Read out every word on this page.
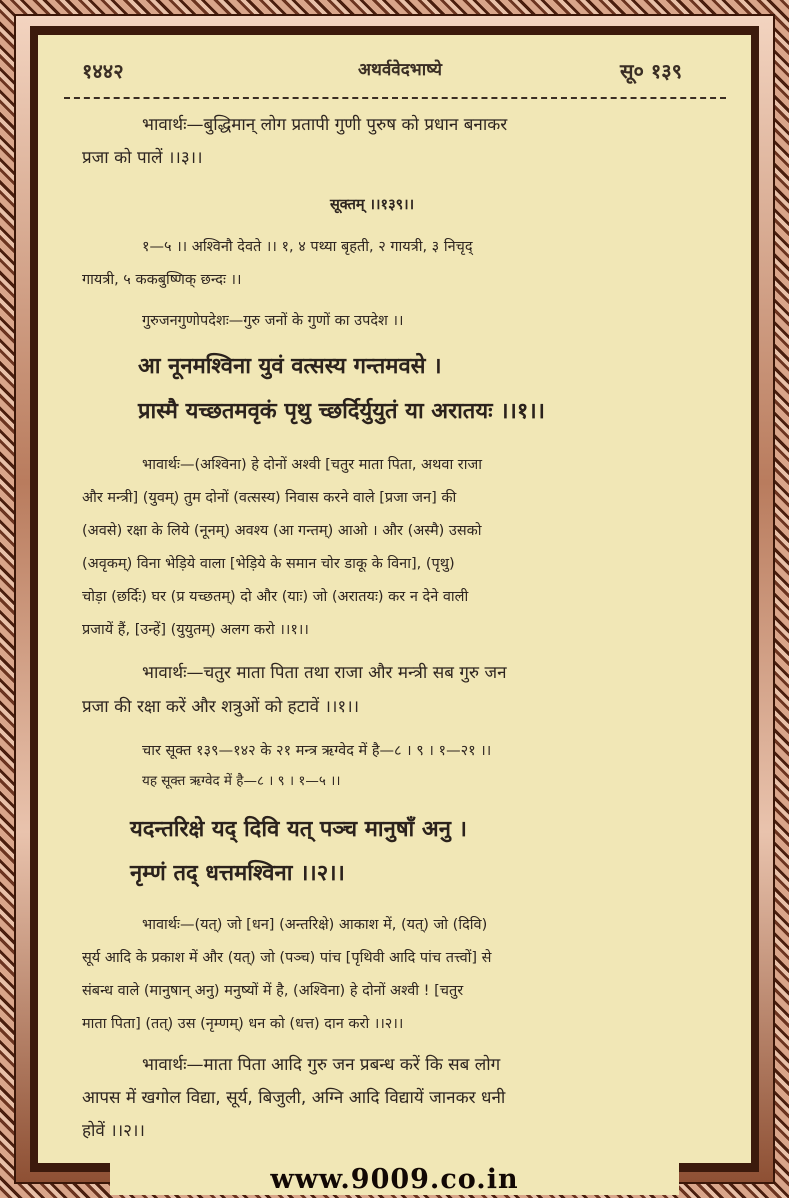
१४४२	अथर्ववेदभाष्ये	सू० १३९
भावार्थः—बुद्धिमान् लोग प्रतापी गुणी पुरुष को प्रधान बनाकर
प्रजा को पालें ।।३।।
सूक्तम् ।।१३९।।
१—५ ।। अश्विनौ देवते ।। १, ४ पथ्या बृहती, २ गायत्री, ३ निचृद्
गायत्री, ५ ककबुष्णिक् छन्दः ।।
गुरुजनगुणोपदेशः—गुरु जनों के गुणों का उपदेश ।।
आ नूनमश्विना युवं वत्सस्य गन्तमवसे ।
प्रास्मै यच्छतमवृकं पृथु च्छर्दिर्युयुतं या अरातयः ।।१।।
भावार्थः—(अश्विना) हे दोनों अश्वी [चतुर माता पिता, अथवा राजा
और मन्त्री] (युवम्) तुम दोनों (वत्सस्य) निवास करने वाले [प्रजा जन] की
(अवसे) रक्षा के लिये (नूनम्) अवश्य (आ गन्तम्) आओ । और (अस्मै) उसको
(अवृकम्) विना भेड़िये वाला [भेड़िये के समान चोर डाकू के विना], (पृथु)
चोड़ा (छर्दिः) घर (प्र यच्छतम्) दो और (याः) जो (अरातयः) कर न देने वाली
प्रजायें हैं, [उन्हें] (युयुतम्) अलग करो ।।१।।
भावार्थः—चतुर माता पिता तथा राजा और मन्त्री सब गुरु जन
प्रजा की रक्षा करें और शत्रुओं को हटावें ।।१।।
चार सूक्त १३९—१४२ के २१ मन्त्र ऋग्वेद में है—८ । ९ । १—२१ ।।
यह सूक्त ऋग्वेद में है—८ । ९ । १—५ ।।
यदन्तरिक्षे यद् दिवि यत् पञ्च मानुषाँ अनु ।
नृम्णं तद् धत्तमश्विना ।।२।।
भावार्थः—(यत्) जो [धन] (अन्तरिक्षे) आकाश में, (यत्) जो (दिवि)
सूर्य आदि के प्रकाश में और (यत्) जो (पञ्च) पांच [पृथिवी आदि पांच तत्त्वों] से
संबन्ध वाले (मानुषान् अनु) मनुष्यों में है, (अश्विना) हे दोनों अश्वी ! [चतुर
माता पिता] (तत्) उस (नृम्णम्) धन को (धत्त) दान करो ।।२।।
भावार्थः—माता पिता आदि गुरु जन प्रबन्ध करें कि सब लोग
आपस में खगोल विद्या, सूर्य, बिजुली, अग्नि आदि विद्यायें जानकर धनी
होवें ।।२।।
www.9009.co.in
